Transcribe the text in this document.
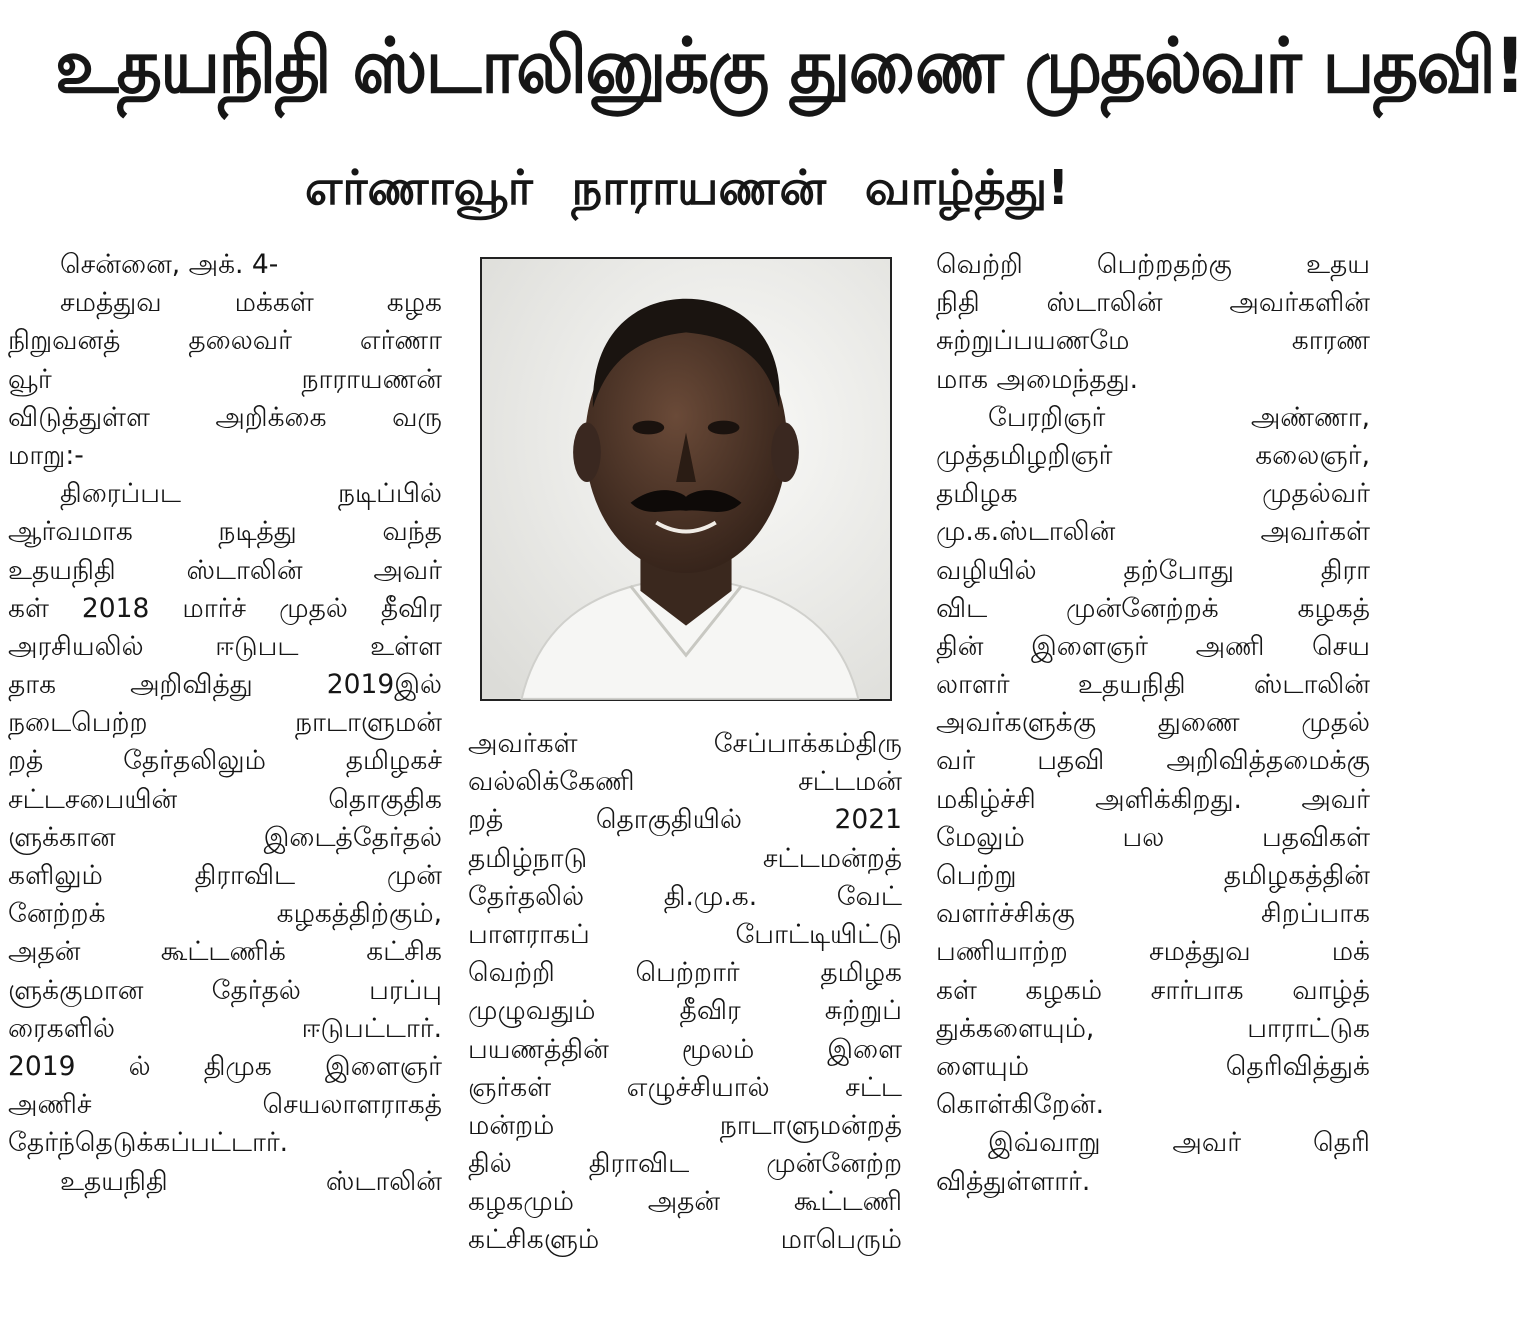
உதயநிதி ஸ்டாலினுக்கு துணை முதல்வர் பதவி!
எர்ணாவூர் நாராயணன் வாழ்த்து!
சென்னை, அக். 4-
சமத்துவ மக்கள் கழக
நிறுவனத் தலைவர் எர்ணா
வூர் நாராயணன்
விடுத்துள்ள அறிக்கை வரு
மாறு:-
திரைப்பட நடிப்பில்
ஆர்வமாக நடித்து வந்த
உதயநிதி ஸ்டாலின் அவர்
கள் 2018 மார்ச் முதல் தீவிர
அரசியலில் ஈடுபட உள்ள
தாக அறிவித்து 2019இல்
நடைபெற்ற நாடாளுமன்
றத் தேர்தலிலும் தமிழகச்
சட்டசபையின் தொகுதிக
ளுக்கான இடைத்தேர்தல்
களிலும் திராவிட முன்
னேற்றக் கழகத்திற்கும்,
அதன் கூட்டணிக் கட்சிக
ளுக்குமான தேர்தல் பரப்பு
ரைகளில் ஈடுபட்டார்.
2019 ல் திமுக இளைஞர்
அணிச் செயலாளராகத்
தேர்ந்தெடுக்கப்பட்டார்.
உதயநிதி ஸ்டாலின்
அவர்கள் சேப்பாக்கம்திரு
வல்லிக்கேணி சட்டமன்
றத் தொகுதியில் 2021
தமிழ்நாடு சட்டமன்றத்
தேர்தலில் தி.மு.க. வேட்
பாளராகப் போட்டியிட்டு
வெற்றி பெற்றார் தமிழக
முழுவதும் தீவிர சுற்றுப்
பயணத்தின் மூலம் இளை
ஞர்கள் எழுச்சியால் சட்ட
மன்றம் நாடாளுமன்றத்
தில் திராவிட முன்னேற்ற
கழகமும் அதன் கூட்டணி
கட்சிகளும் மாபெரும்
வெற்றி பெற்றதற்கு உதய
நிதி ஸ்டாலின் அவர்களின்
சுற்றுப்பயணமே காரண
மாக அமைந்தது.
பேரறிஞர் அண்ணா,
முத்தமிழறிஞர் கலைஞர்,
தமிழக முதல்வர்
மு.க.ஸ்டாலின் அவர்கள்
வழியில் தற்போது திரா
விட முன்னேற்றக் கழகத்
தின் இளைஞர் அணி செய
லாளர் உதயநிதி ஸ்டாலின்
அவர்களுக்கு துணை முதல்
வர் பதவி அறிவித்தமைக்கு
மகிழ்ச்சி அளிக்கிறது. அவர்
மேலும் பல பதவிகள்
பெற்று தமிழகத்தின்
வளர்ச்சிக்கு சிறப்பாக
பணியாற்ற சமத்துவ மக்
கள் கழகம் சார்பாக வாழ்த்
துக்களையும், பாராட்டுக
ளையும் தெரிவித்துக்
கொள்கிறேன்.
இவ்வாறு அவர் தெரி
வித்துள்ளார்.
